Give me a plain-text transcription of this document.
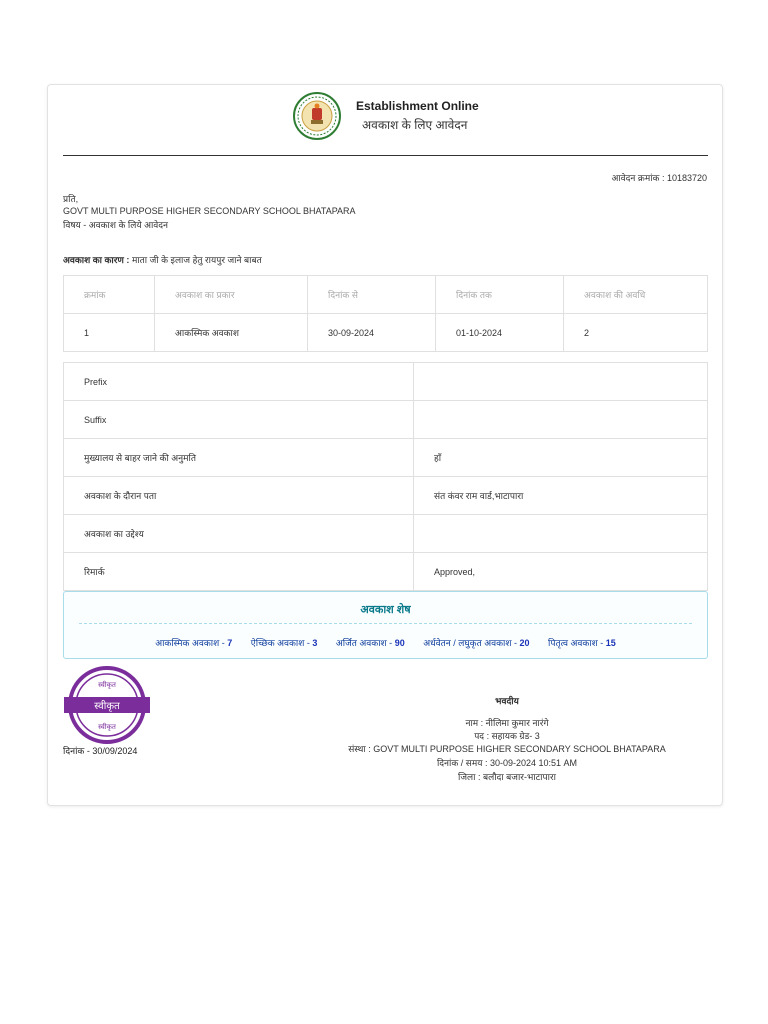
Establishment Online
अवकाश के लिए आवेदन
आवेदन क्रमांक : 10183720
प्रति,
GOVT MULTI PURPOSE HIGHER SECONDARY SCHOOL BHATAPARA
विषय - अवकाश के लिये आवेदन
अवकाश का कारण : माता जी के इलाज हेतु रायपुर जाने बाबत
क्रमांक	अवकाश का प्रकार	दिनांक से	दिनांक तक	अवकाश की अवधि
1	आकस्मिक अवकाश	30-09-2024	01-10-2024	2
Prefix	
Suffix	
मुख्यालय से बाहर जाने की अनुमति	हाँ
अवकाश के दौरान पता	संत कंवर राम वार्ड,भाटापारा
अवकाश का उद्देश्य	
रिमार्क	Approved,
अवकाश शेष
आकस्मिक अवकाश - 7 ऐच्छिक अवकाश - 3 अर्जित अवकाश - 90 अर्धवेतन / लघुकृत अवकाश - 20 पितृत्व अवकाश - 15
स्वीकृत
स्वीकृत
स्वीकृत
दिनांक - 30/09/2024
भवदीय
नाम : नीलिमा कुमार नारंगे
पद : सहायक ग्रेड- 3
संस्था : GOVT MULTI PURPOSE HIGHER SECONDARY SCHOOL BHATAPARA
दिनांक / समय : 30-09-2024 10:51 AM
जिला : बलौदा बजार-भाटापारा
